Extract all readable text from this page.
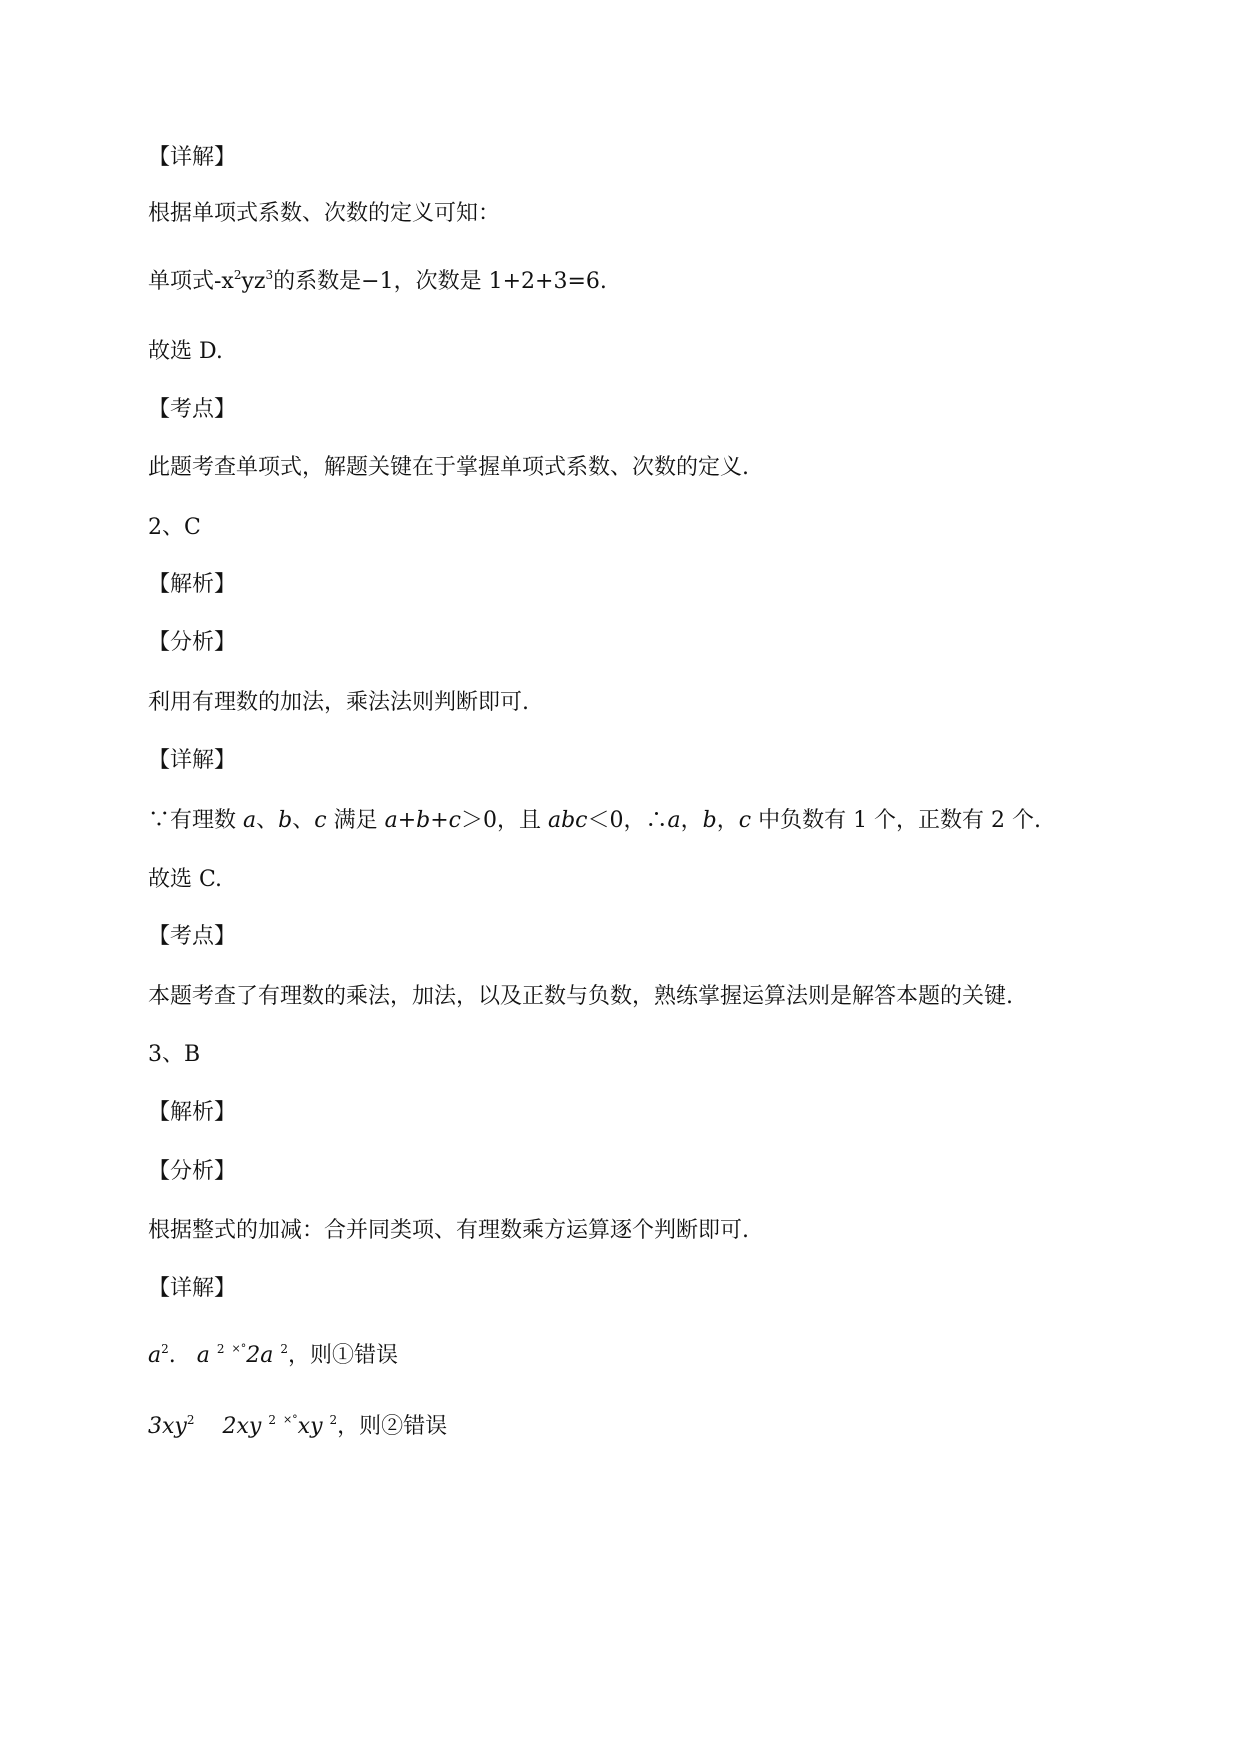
【详解】
根据单项式系数、次数的定义可知：
单项式$-x^2yz^3$的系数是−1，次数是 1+2+3=6.
故选 D.
【考点】
此题考查单项式，解题关键在于掌握单项式系数、次数的定义.
2、C
【解析】
【分析】
利用有理数的加法，乘法法则判断即可.
【详解】
∵有理数 a、b、c 满足 a+b+c＞0，且 abc＜0，∴a，b，c 中负数有 1 个，正数有 2 个.
故选 C.
【考点】
本题考查了有理数的乘法，加法，以及正数与负数，熟练掌握运算法则是解答本题的关键.
3、B
【解析】
【分析】
根据整式的加减：合并同类项、有理数乘方运算逐个判断即可.
【详解】
$a^2$. a $^2$ ×°2a $^2$，则①错误
$3xy^2$ 2xy $^2$ ×°xy $^2$，则②错误
